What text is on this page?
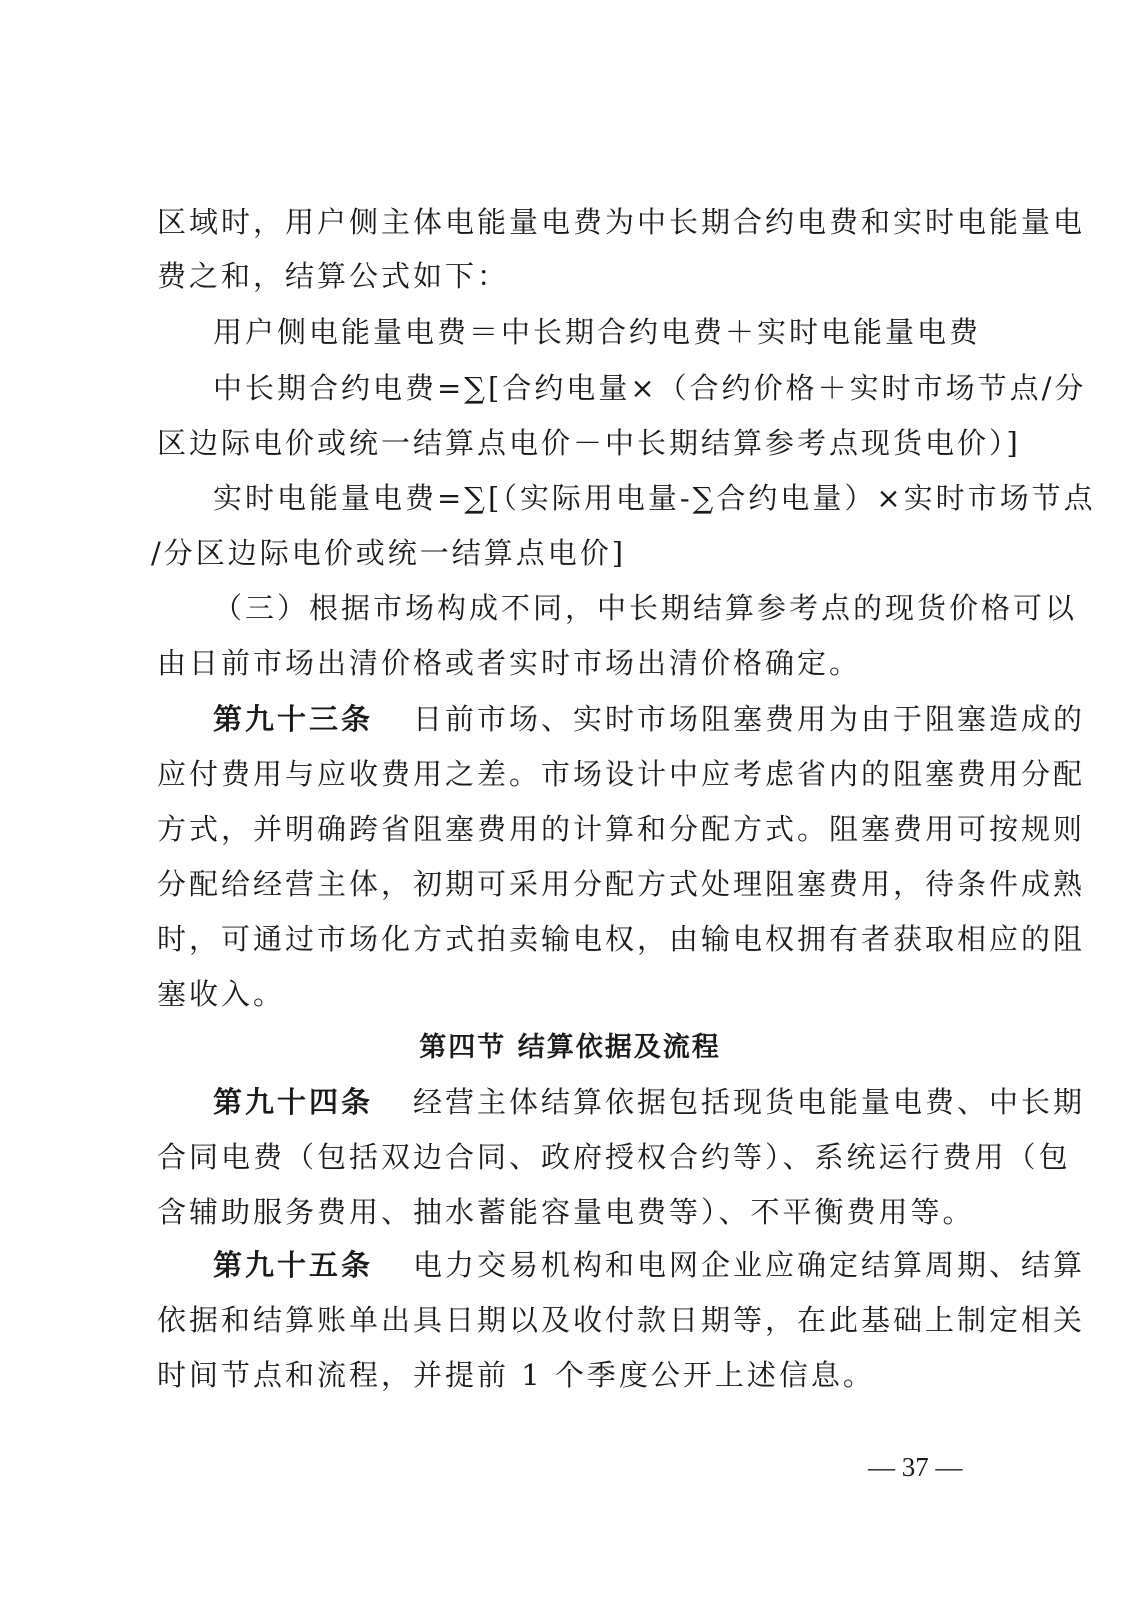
区域时，用户侧主体电能量电费为中长期合约电费和实时电能量电
费之和，结算公式如下：
用户侧电能量电费＝中长期合约电费＋实时电能量电费
中长期合约电费=∑[合约电量×（合约价格＋实时市场节点/分
区边际电价或统一结算点电价－中长期结算参考点现货电价）]
实时电能量电费=∑[（实际用电量-∑合约电量）×实时市场节点
/分区边际电价或统一结算点电价]
（三）根据市场构成不同，中长期结算参考点的现货价格可以
由日前市场出清价格或者实时市场出清价格确定。
第九十三条 日前市场、实时市场阻塞费用为由于阻塞造成的
应付费用与应收费用之差。市场设计中应考虑省内的阻塞费用分配
方式，并明确跨省阻塞费用的计算和分配方式。阻塞费用可按规则
分配给经营主体，初期可采用分配方式处理阻塞费用，待条件成熟
时，可通过市场化方式拍卖输电权，由输电权拥有者获取相应的阻
塞收入。
第四节 结算依据及流程
第九十四条 经营主体结算依据包括现货电能量电费、中长期
合同电费（包括双边合同、政府授权合约等）、系统运行费用（包
含辅助服务费用、抽水蓄能容量电费等）、不平衡费用等。
第九十五条 电力交易机构和电网企业应确定结算周期、结算
依据和结算账单出具日期以及收付款日期等，在此基础上制定相关
时间节点和流程，并提前 1 个季度公开上述信息。
— 37 —
